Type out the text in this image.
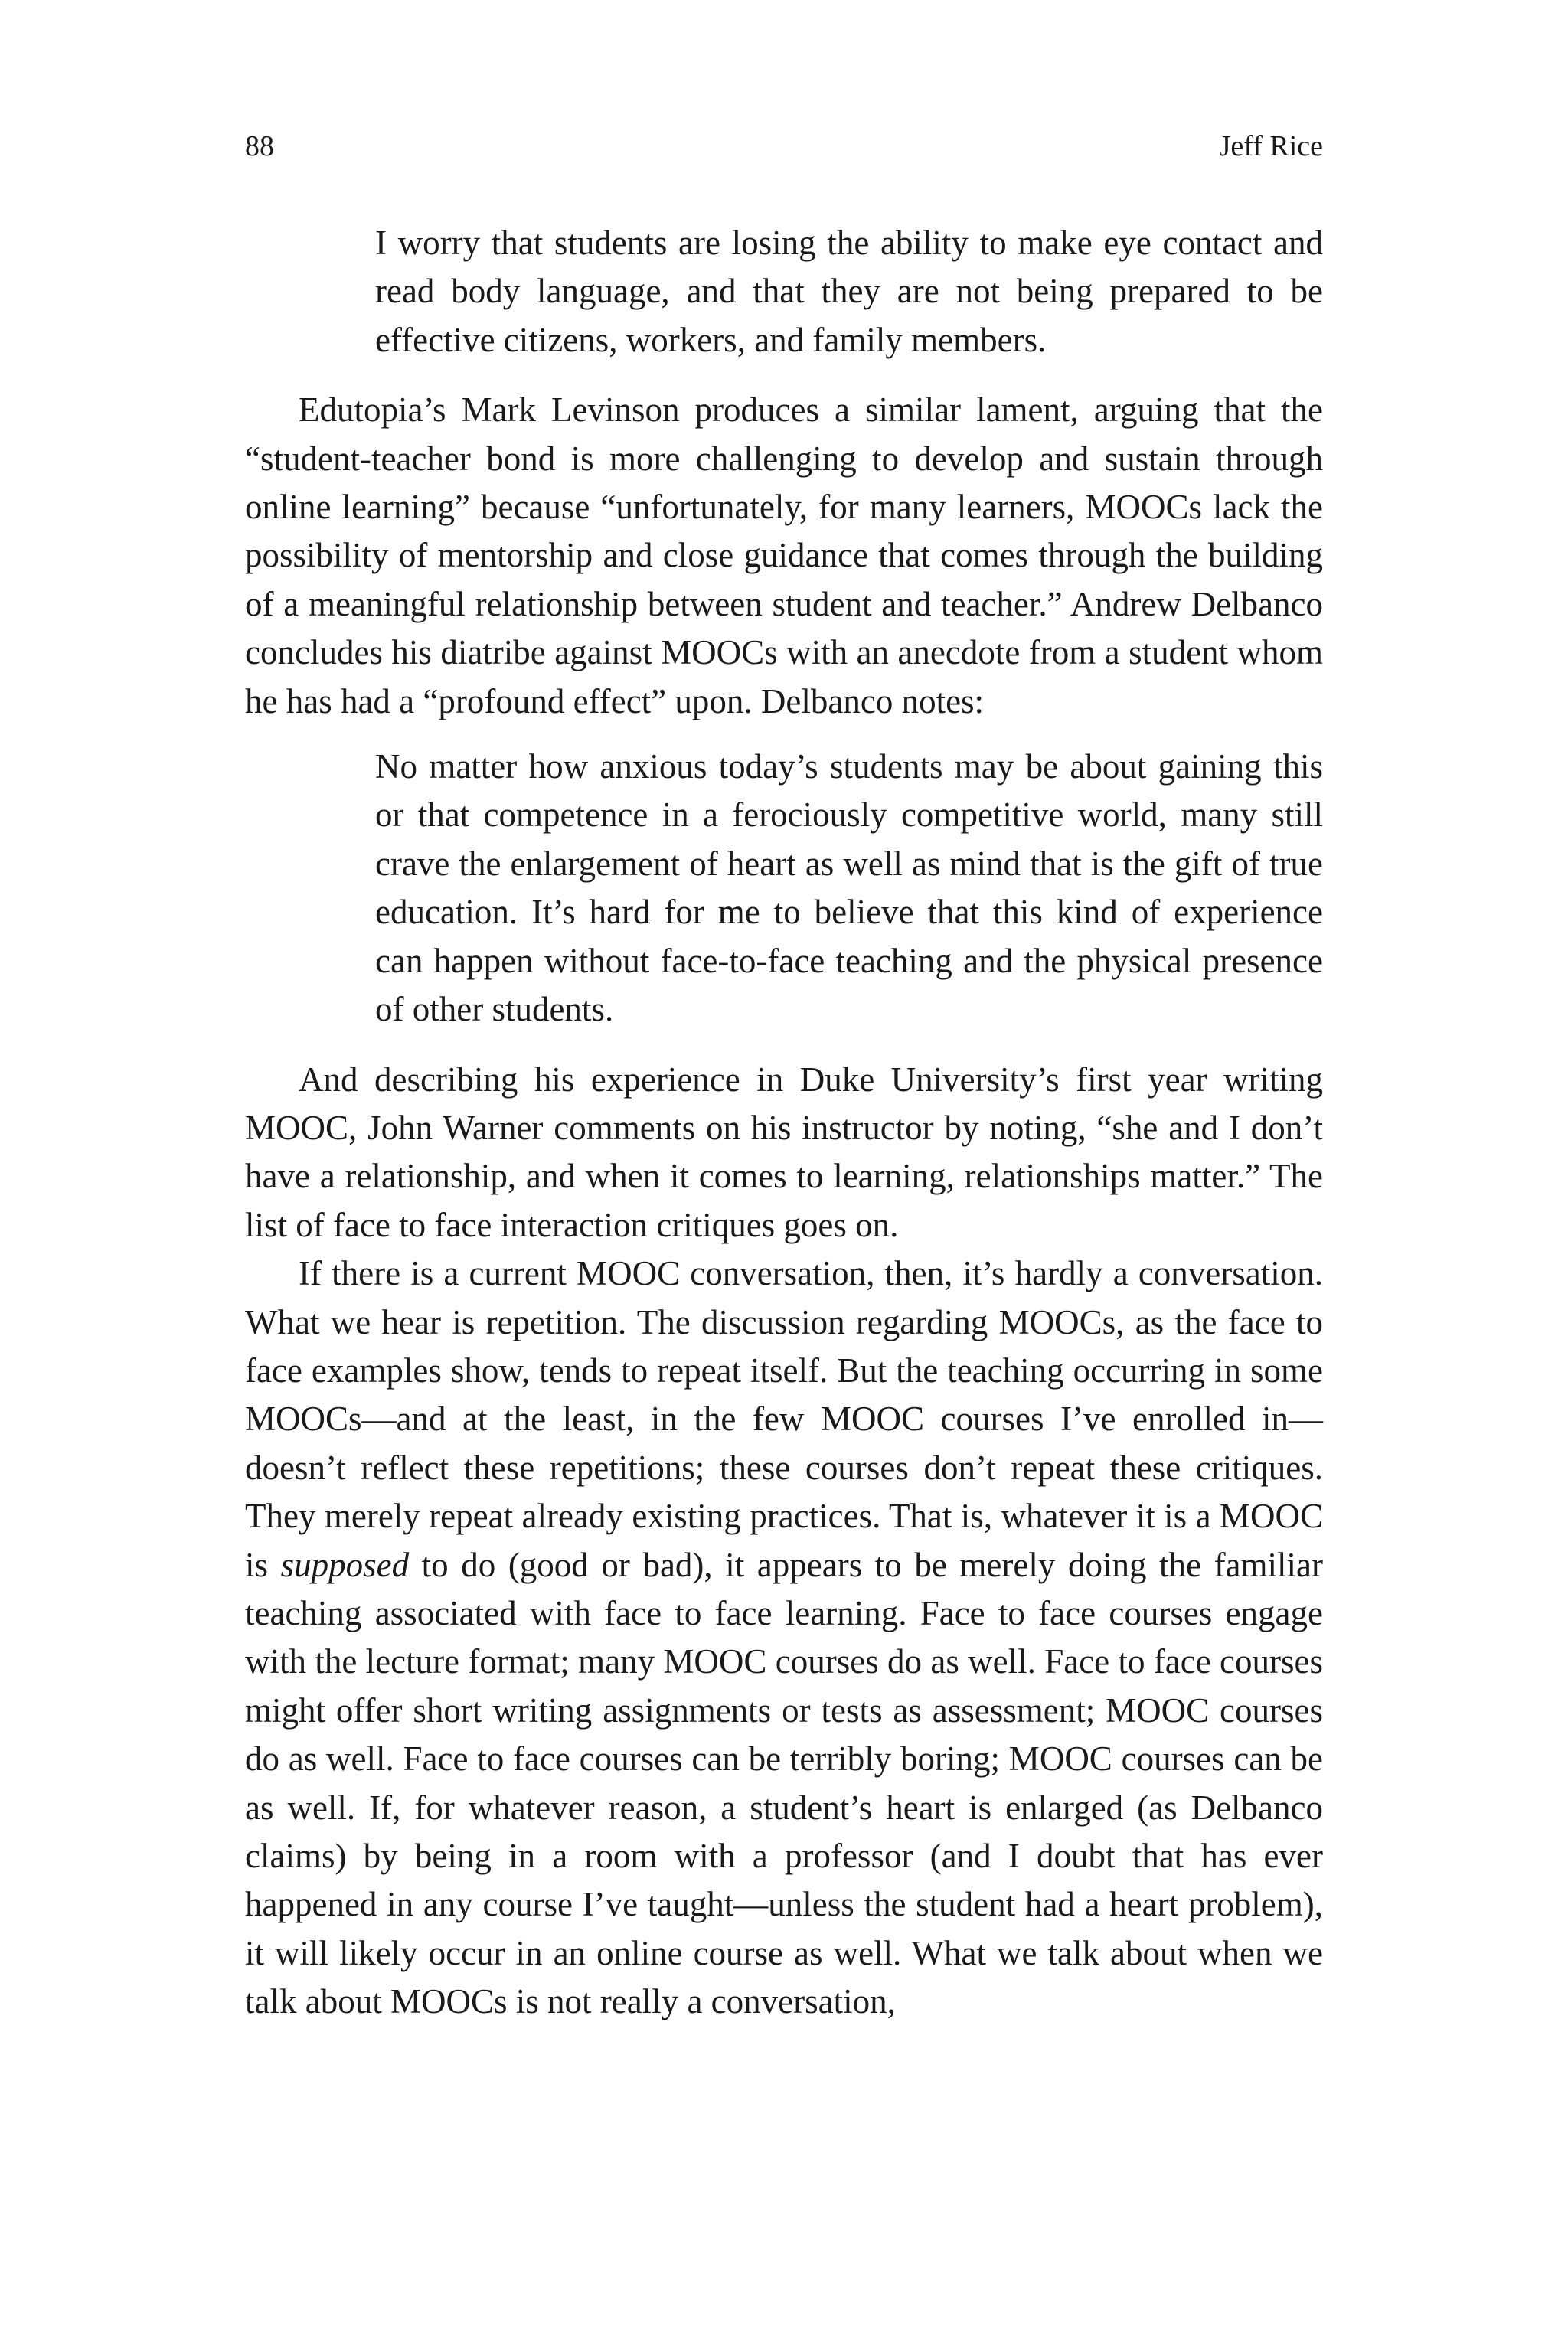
88	Jeff Rice

I worry that students are losing the ability to make eye contact and read body language, and that they are not being prepared to be effective citizens, workers, and family members.

Edutopia’s Mark Levinson produces a similar lament, arguing that the “student-teacher bond is more challenging to develop and sustain through online learning” because “unfortunately, for many learners, MOOCs lack the possibility of mentorship and close guidance that comes through the building of a meaningful relationship between student and teacher.” Andrew Delbanco concludes his diatribe against MOOCs with an anecdote from a student whom he has had a “profound effect” upon. Delbanco notes:

No matter how anxious today’s students may be about gaining this or that competence in a ferociously competitive world, many still crave the enlargement of heart as well as mind that is the gift of true education. It’s hard for me to believe that this kind of experience can happen without face-to-face teaching and the physical presence of other students.

And describing his experience in Duke University’s first year writing MOOC, John Warner comments on his instructor by noting, “she and I don’t have a relationship, and when it comes to learning, relationships matter.” The list of face to face interaction critiques goes on.

If there is a current MOOC conversation, then, it’s hardly a conversation. What we hear is repetition. The discussion regarding MOOCs, as the face to face examples show, tends to repeat itself. But the teaching occurring in some MOOCs—and at the least, in the few MOOC courses I’ve enrolled in—doesn’t reflect these repetitions; these courses don’t repeat these critiques. They merely repeat already existing practices. That is, whatever it is a MOOC is supposed to do (good or bad), it appears to be merely doing the familiar teaching associated with face to face learning. Face to face courses engage with the lecture format; many MOOC courses do as well. Face to face courses might offer short writing assignments or tests as assessment; MOOC courses do as well. Face to face courses can be terribly boring; MOOC courses can be as well. If, for whatever reason, a student’s heart is enlarged (as Delbanco claims) by being in a room with a professor (and I doubt that has ever happened in any course I’ve taught—unless the student had a heart problem), it will likely occur in an online course as well. What we talk about when we talk about MOOCs is not really a conversation,
